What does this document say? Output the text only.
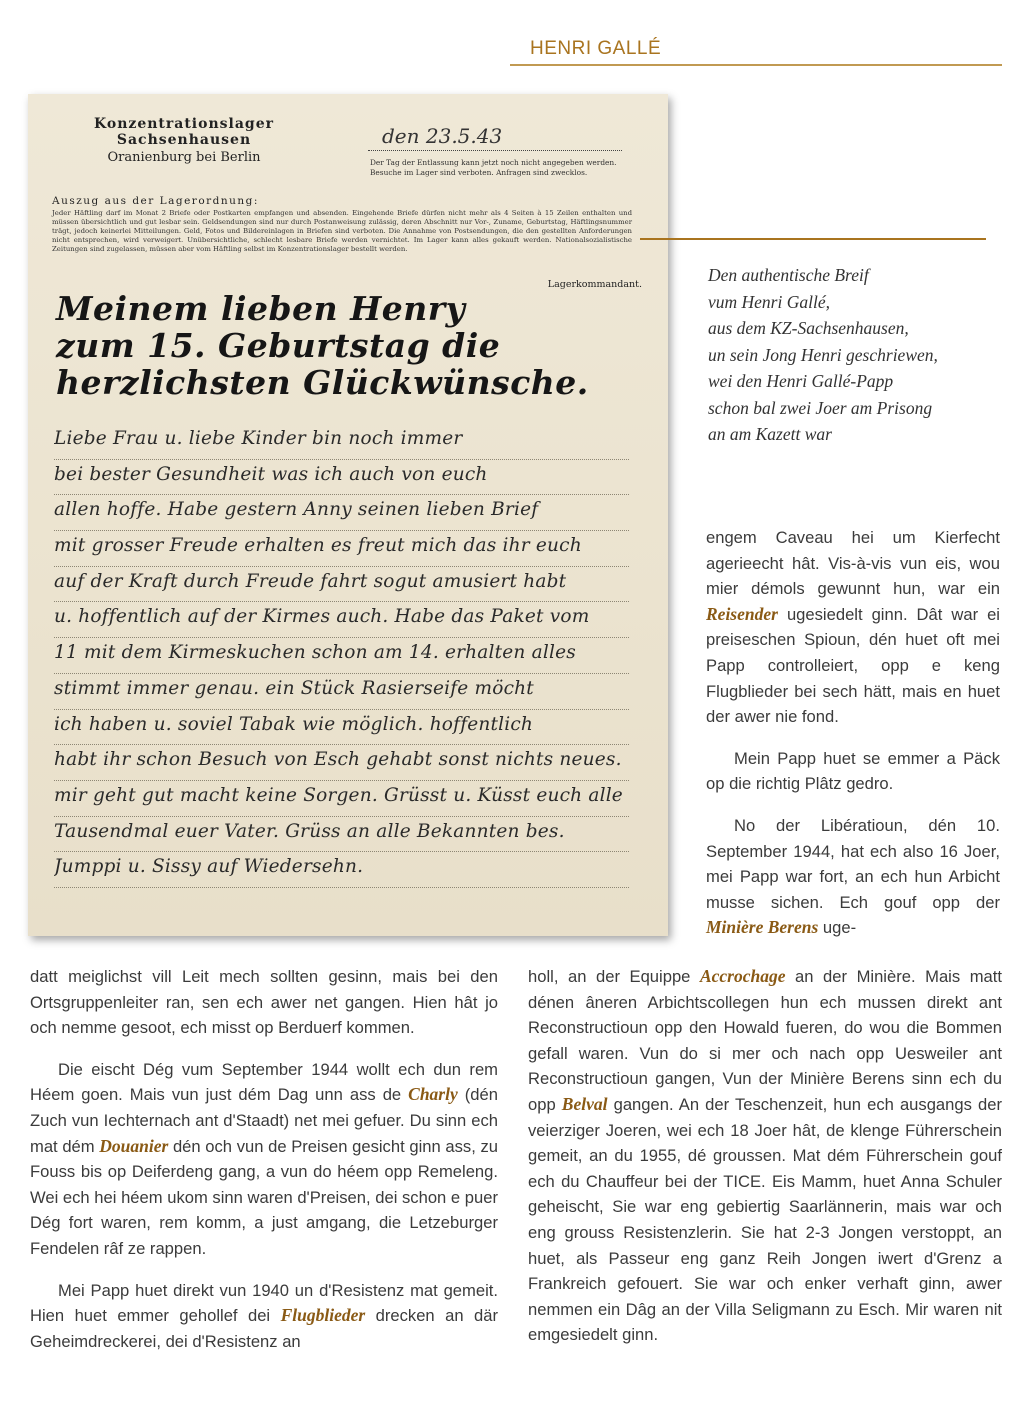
HENRI GALLÉ
Konzentrationslager
Sachsenhausen
Oranienburg bei Berlin
den 23.5.43
Der Tag der Entlassung kann jetzt noch nicht angegeben werden. Besuche im Lager sind verboten. Anfragen sind zwecklos.
Auszug aus der Lagerordnung:
Jeder Häftling darf im Monat 2 Briefe oder Postkarten empfangen und absenden. Eingehende Briefe dürfen nicht mehr als 4 Seiten à 15 Zeilen enthalten und müssen übersichtlich und gut lesbar sein. Geldsendungen sind nur durch Postanweisung zulässig, deren Abschnitt nur Vor-, Zuname, Geburtstag, Häftlingsnummer trägt, jedoch keinerlei Mitteilungen. Geld, Fotos und Bildereinlagen in Briefen sind verboten. Die Annahme von Postsendungen, die den gestellten Anforderungen nicht entsprechen, wird verweigert. Unübersichtliche, schlecht lesbare Briefe werden vernichtet. Im Lager kann alles gekauft werden. Nationalsozialistische Zeitungen sind zugelassen, müssen aber vom Häftling selbst im Konzentrationslager bestellt werden.
Lagerkommandant.
Meinem lieben Henry
zum 15. Geburtstag die
herzlichsten Glückwünsche.
Liebe Frau u. liebe Kinder bin noch immer
bei bester Gesundheit was ich auch von euch
allen hoffe. Habe gestern Anny seinen lieben Brief
mit grosser Freude erhalten es freut mich das ihr euch
auf der Kraft durch Freude fahrt sogut amusiert habt
u. hoffentlich auf der Kirmes auch. Habe das Paket vom
11 mit dem Kirmeskuchen schon am 14. erhalten alles
stimmt immer genau. ein Stück Rasierseife möcht
ich haben u. soviel Tabak wie möglich. hoffentlich
habt ihr schon Besuch von Esch gehabt sonst nichts neues.
mir geht gut macht keine Sorgen. Grüsst u. Küsst euch alle
Tausendmal euer Vater. Grüss an alle Bekannten bes.
Jumppi u. Sissy auf Wiedersehn.
Den authentische Breif
vum Henri Gallé,
aus dem KZ-Sachsenhausen,
un sein Jong Henri geschriewen,
wei den Henri Gallé-Papp
schon bal zwei Joer am Prisong
an am Kazett war

engem Caveau hei um Kierfecht agerieecht hât. Vis-à-vis vun eis, wou mier démols gewunnt hun, war ein Reisender ugesiedelt ginn. Dât war ei preiseschen Spioun, dén huet oft mei Papp controlleiert, opp e keng Flugblieder bei sech hätt, mais en huet der awer nie fond.

Mein Papp huet se emmer a Päck op die richtig Plâtz gedro.

No der Libératioun, dén 10. September 1944, hat ech also 16 Joer, mei Papp war fort, an ech hun Arbicht musse sichen. Ech gouf opp der Minière Berens uge-

datt meiglichst vill Leit mech sollten gesinn, mais bei den Ortsgruppenleiter ran, sen ech awer net gangen. Hien hât jo och nemme gesoot, ech misst op Berduerf kommen.

Die eischt Dég vum September 1944 wollt ech dun rem Héem goen. Mais vun just dém Dag unn ass de Charly (dén Zuch vun Iechternach ant d'Staadt) net mei gefuer. Du sinn ech mat dém Douanier dén och vun de Preisen gesicht ginn ass, zu Fouss bis op Deiferdeng gang, a vun do héem opp Remeleng. Wei ech hei héem ukom sinn waren d'Preisen, dei schon e puer Dég fort waren, rem komm, a just amgang, die Letzeburger Fendelen râf ze rappen.

Mei Papp huet direkt vun 1940 un d'Resistenz mat gemeit. Hien huet emmer gehollef dei Flugblieder drecken an där Geheimdreckerei, dei d'Resistenz an

holl, an der Equippe Accrochage an der Minière. Mais matt dénen âneren Arbichtscollegen hun ech mussen direkt ant Reconstructioun opp den Howald fueren, do wou die Bommen gefall waren. Vun do si mer och nach opp Uesweiler ant Reconstructioun gangen, Vun der Minière Berens sinn ech du opp Belval gangen. An der Teschenzeit, hun ech ausgangs der veierziger Joeren, wei ech 18 Joer hât, de klenge Führerschein gemeit, an du 1955, dé groussen. Mat dém Führerschein gouf ech du Chauffeur bei der TICE. Eis Mamm, huet Anna Schuler geheischt, Sie war eng gebiertig Saarlännerin, mais war och eng grouss Resistenzlerin. Sie hat 2-3 Jongen verstoppt, an huet, als Passeur eng ganz Reih Jongen iwert d'Grenz a Frankreich gefouert. Sie war och enker verhaft ginn, awer nemmen ein Dâg an der Villa Seligmann zu Esch. Mir waren nit emgesiedelt ginn.
